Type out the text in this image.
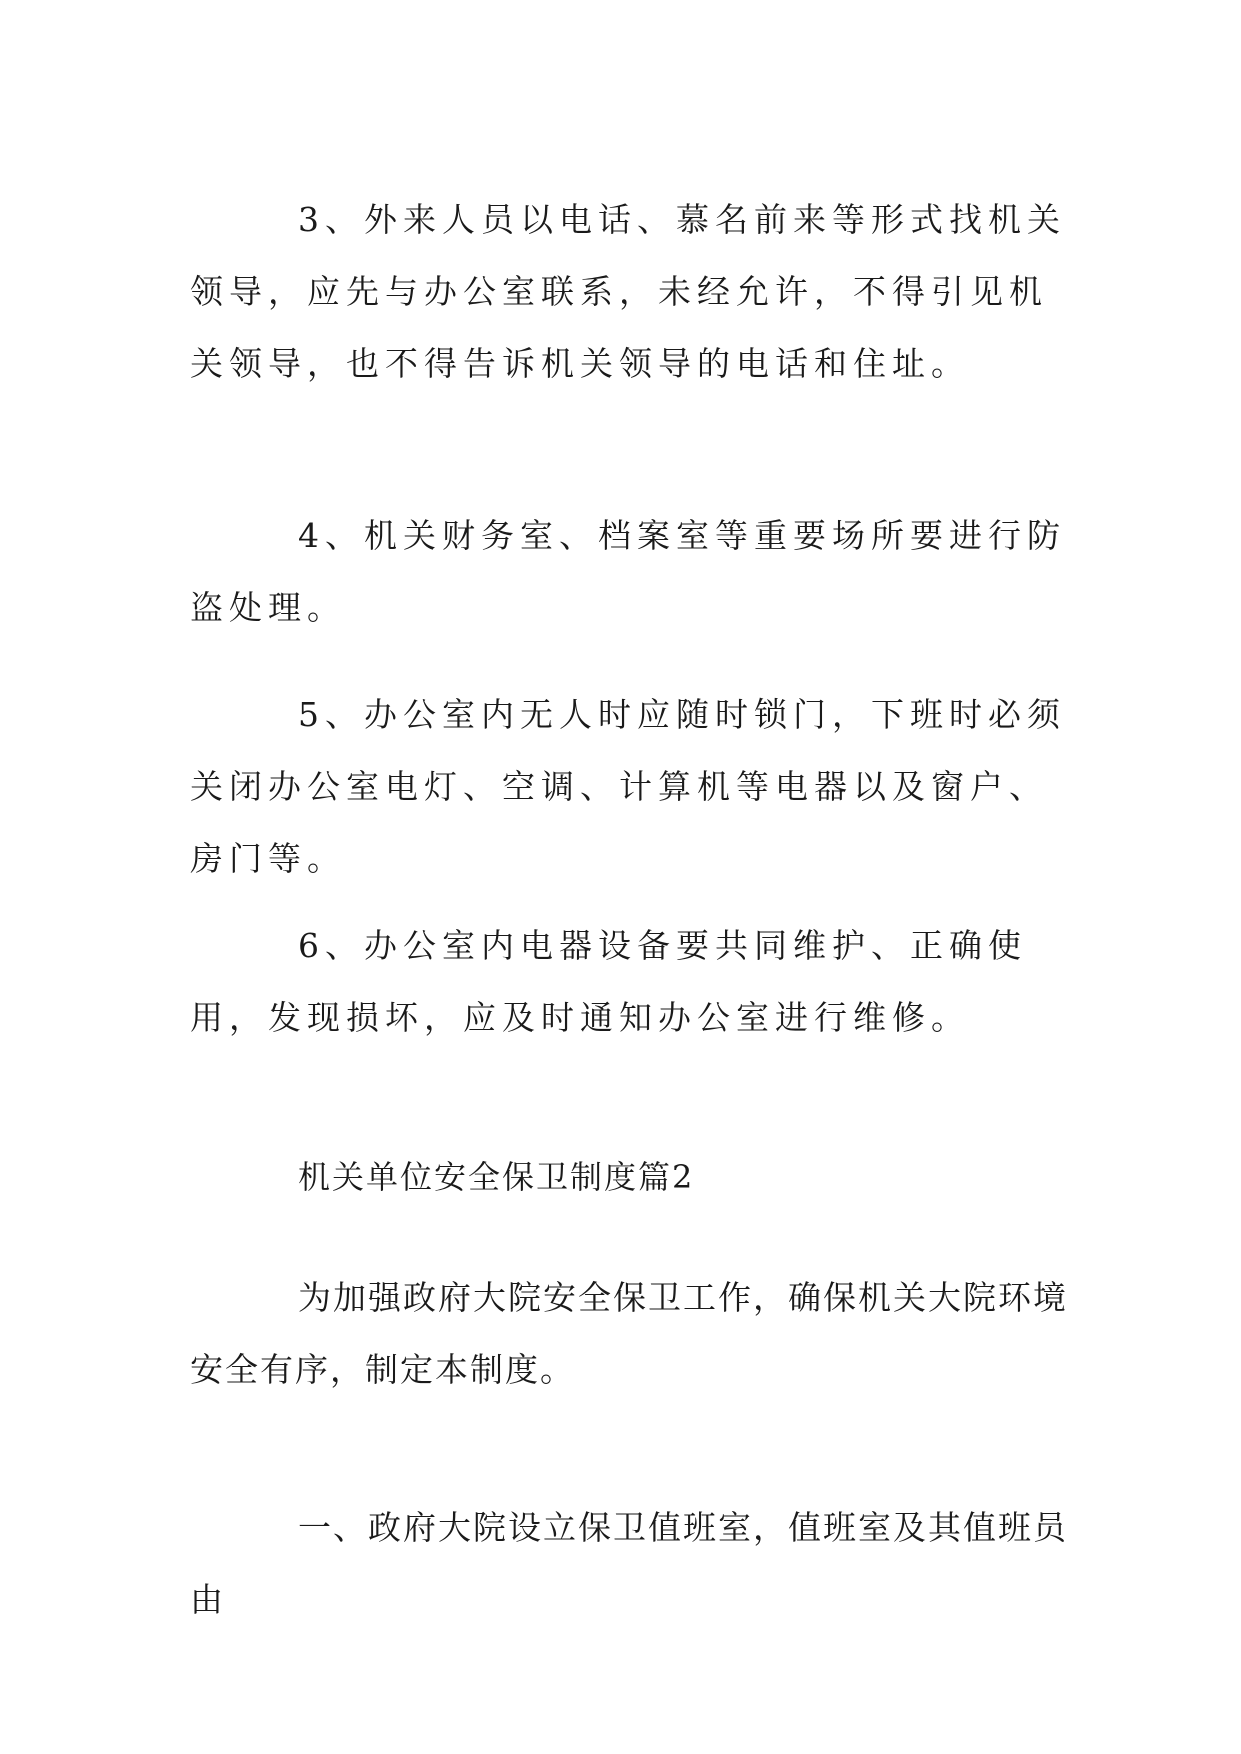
3、外来人员以电话、慕名前来等形式找机关领导，应先与办公室联系，未经允许，不得引见机关领导，也不得告诉机关领导的电话和住址。

4、机关财务室、档案室等重要场所要进行防盗处理。

5、办公室内无人时应随时锁门，下班时必须关闭办公室电灯、空调、计算机等电器以及窗户、房门等。

6、办公室内电器设备要共同维护、正确使用，发现损坏，应及时通知办公室进行维修。

机关单位安全保卫制度篇2

为加强政府大院安全保卫工作，确保机关大院环境安全有序，制定本制度。

一、政府大院设立保卫值班室，值班室及其值班员由
